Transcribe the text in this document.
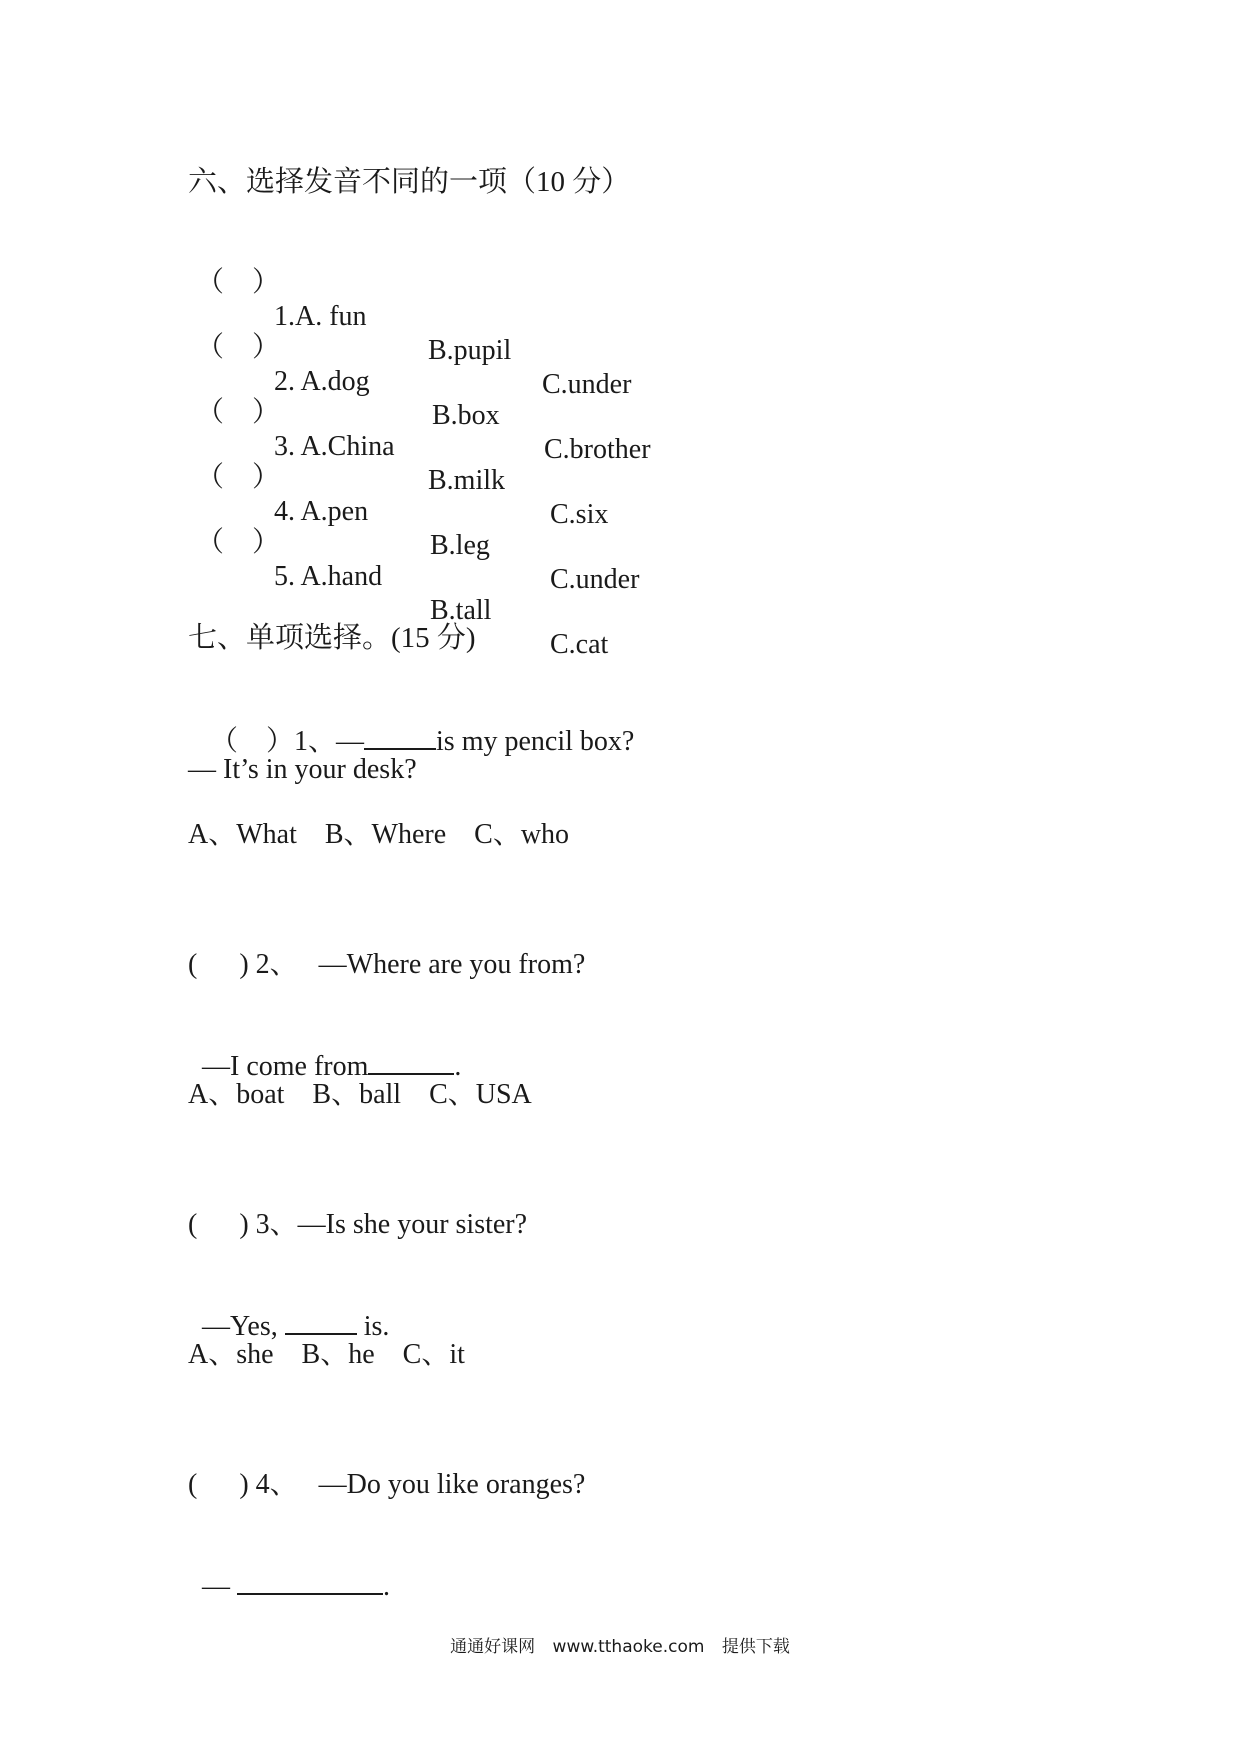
六、选择发音不同的一项（10 分）

（    ）

1.A. fun

B.pupil

C.under

（    ）

2. A.dog

B.box

C.brother

（    ）

3. A.China

B.milk

C.six

（    ）

4. A.pen

B.leg

C.under

（    ）

5. A.hand

B.tall

C.cat

七、单项选择。(15 分)

（    ）1、—	is my pencil box?

— It’s in your desk?
A、What    B、Where    C、who
(      ) 2、   —Where are you from?

—I come from	.

A、boat    B、ball    C、USA
(      ) 3、—Is she your sister?

—Yes,	is.

A、she    B、he    C、it
(      ) 4、   —Do you like oranges?

—	.

通通好课网 www.tthaoke.com 提供下载
